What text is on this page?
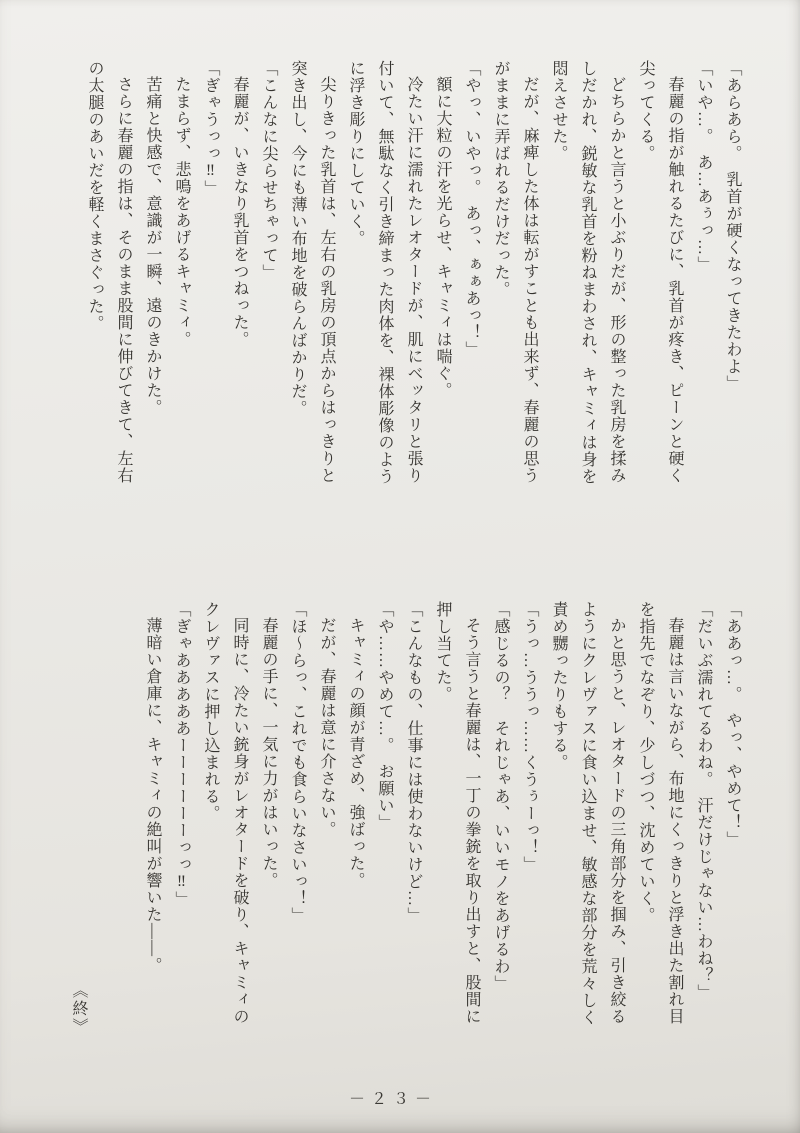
「あらあら。　乳首が硬くなってきたわよ」

「いや…。　あ…あぅっ…」

春麗の指が触れるたびに、乳首が疼き、ピーンと硬く

尖ってくる。

どちらかと言うと小ぶりだが、形の整った乳房を揉み

しだかれ、鋭敏な乳首を粉ねまわされ、キャミィは身を

悶えさせた。

だが、麻痺した体は転がすことも出来ず、春麗の思う

がままに弄ばれるだけだった。

「やっ、いやっ。　あっ、ぁぁあっ！」

額に大粒の汗を光らせ、キャミィは喘ぐ。

冷たい汗に濡れたレオタードが、肌にベッタリと張り

付いて、無駄なく引き締まった肉体を、裸体彫像のよう

に浮き彫りにしていく。

尖りきった乳首は、左右の乳房の頂点からはっきりと

突き出し、今にも薄い布地を破らんばかりだ。

「こんなに尖らせちゃって」

春麗が、いきなり乳首をつねった。

「ぎゃうっっ‼」

たまらず、悲鳴をあげるキャミィ。

苦痛と快感で、意識が一瞬、遠のきかけた。

さらに春麗の指は、そのまま股間に伸びてきて、左右

の太腿のあいだを軽くまさぐった。

「ああっ…。　やっ、やめて！」

「だいぶ濡れてるわね。　汗だけじゃない…わね？」

春麗は言いながら、布地にくっきりと浮き出た割れ目

を指先でなぞり、少しづつ、沈めていく。

かと思うと、レオタードの三角部分を掴み、引き絞る

ようにクレヴァスに食い込ませ、敏感な部分を荒々しく

責め嬲ったりもする。

「うっ…ううっ……くうぅーっ！」

「感じるの？　それじゃあ、いいモノをあげるわ」

そう言うと春麗は、一丁の拳銃を取り出すと、股間に

押し当てた。

「こんなもの、仕事には使わないけど…」

「や……やめて…。　お願い」

キャミィの顔が青ざめ、強ばった。

だが、春麗は意に介さない。

「ほ～らっ、これでも食らいなさいっ！」

春麗の手に、一気に力がはいった。

同時に、冷たい銃身がレオタードを破り、キャミィの

クレヴァスに押し込まれる。

「ぎゃあああああーーーーーーっっ‼」

薄暗い倉庫に、キャミィの絶叫が響いた――。

《終》
－２３－
